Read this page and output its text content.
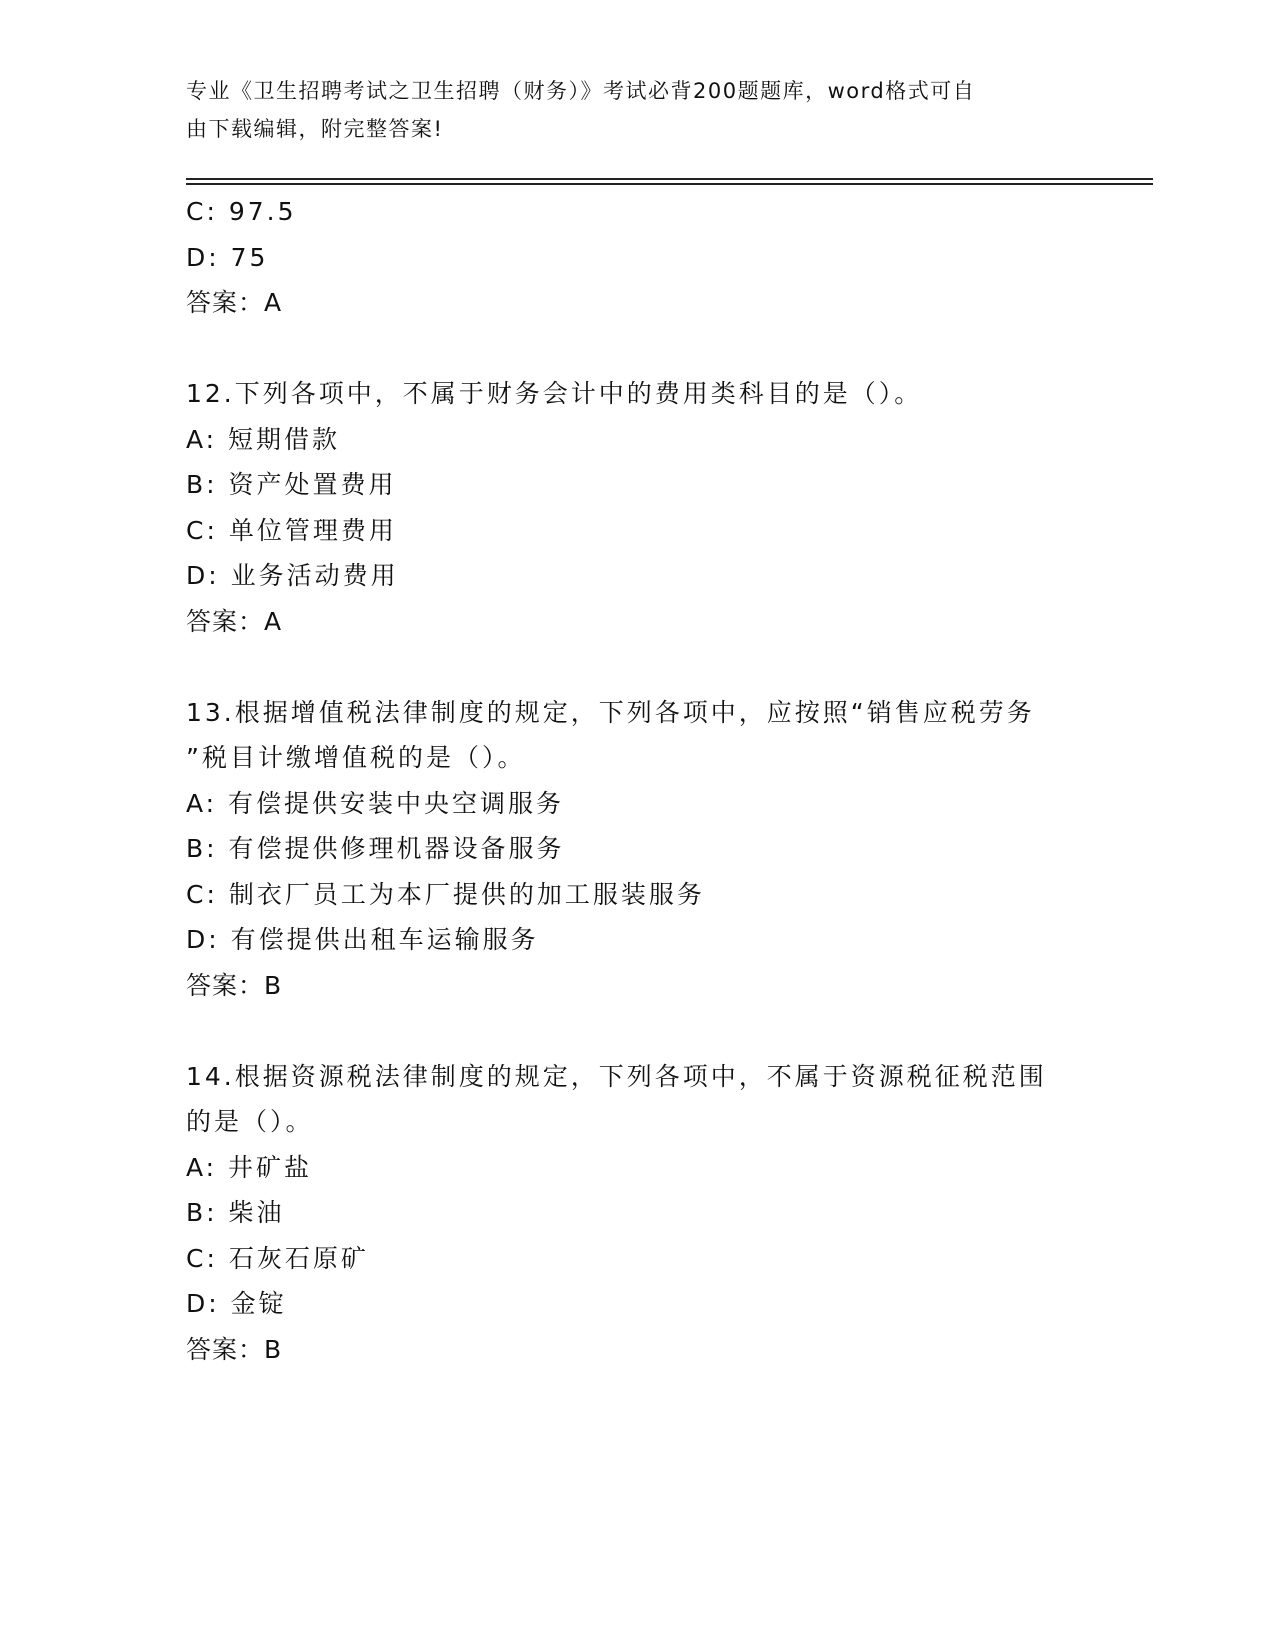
专业《卫生招聘考试之卫生招聘（财务）》考试必背200题题库，word格式可自
由下载编辑，附完整答案!
C: 97.5
D: 75
答案：A
12.下列各项中，不属于财务会计中的费用类科目的是（）。
A: 短期借款
B: 资产处置费用
C: 单位管理费用
D: 业务活动费用
答案：A
13.根据增值税法律制度的规定，下列各项中，应按照“销售应税劳务
”税目计缴增值税的是（）。
A: 有偿提供安装中央空调服务
B: 有偿提供修理机器设备服务
C: 制衣厂员工为本厂提供的加工服装服务
D: 有偿提供出租车运输服务
答案：B
14.根据资源税法律制度的规定，下列各项中，不属于资源税征税范围
的是（）。
A: 井矿盐
B: 柴油
C: 石灰石原矿
D: 金锭
答案：B
